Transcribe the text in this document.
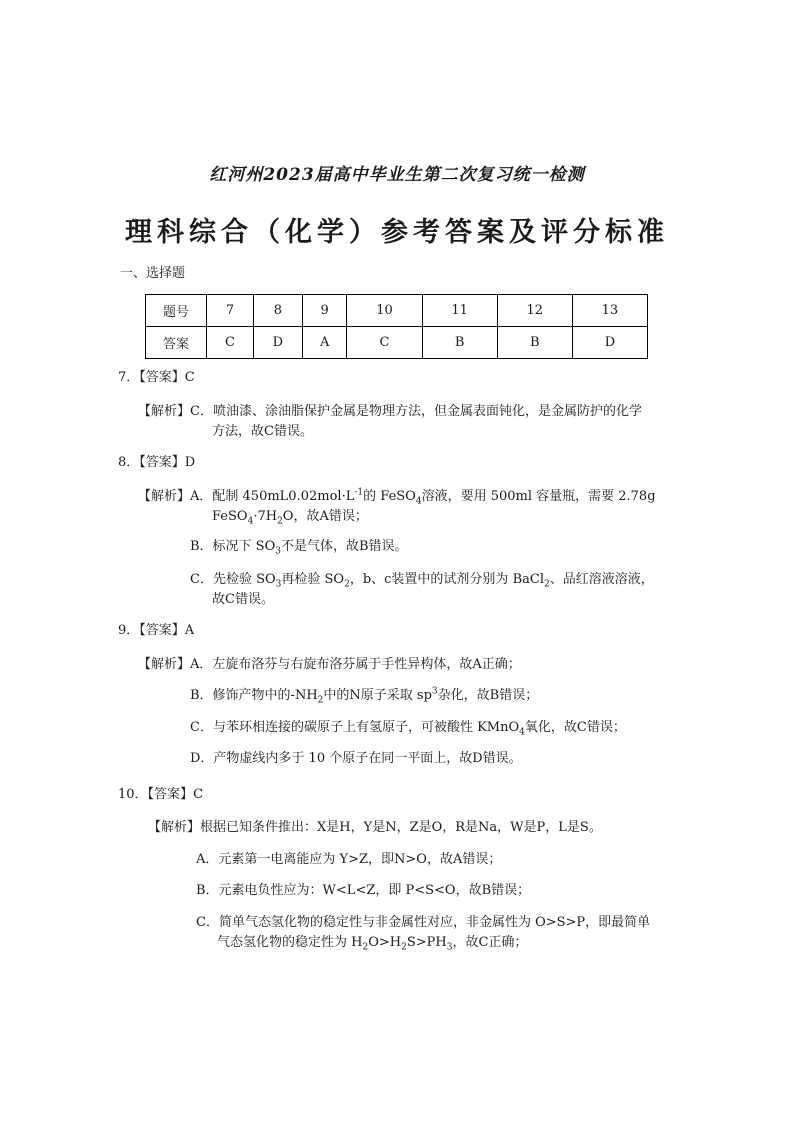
红河州2023届高中毕业生第二次复习统一检测
理科综合（化学）参考答案及评分标准
一、选择题
题号	7	8	9	10	11	12	13
答案	C	D	A	C	B	B	D
7．【答案】C
【解析】C．喷油漆、涂油脂保护金属是物理方法，但金属表面钝化，是金属防护的化学
方法，故C错误。
8．【答案】D
【解析】A．配制 $450mL0.02mol\cdot L^{-1}$的 FeSO$_4$溶液，要用 500ml 容量瓶，需要 2.78g
$FeSO_4\cdot 7H_2O$，故A错误；
B．标况下 $SO_3$不是气体，故B错误。
C．先检验 $SO_3$再检验 $SO_2$，b、c装置中的试剂分别为 BaCl$_2$、品红溶液溶液，
故C错误。
9．【答案】A
【解析】A．左旋布洛芬与右旋布洛芬属于手性异构体，故A正确；
B．修饰产物中的$-NH_2$中的N原子采取 $sp^3$杂化，故B错误；
C．与苯环相连接的碳原子上有氢原子，可被酸性 KMnO$_4$氧化，故C错误；
D．产物虚线内多于 10 个原子在同一平面上，故D错误。
10．【答案】C
【解析】根据已知条件推出：X是H，Y是N，Z是O，R是Na，W是P，L是S。
A．元素第一电离能应为 Y>Z，即N>O，故A错误；
B．元素电负性应为：W<L<Z，即 P<S<O，故B错误；
C．简单气态氢化物的稳定性与非金属性对应，非金属性为 O>S>P，即最简单
气态氢化物的稳定性为 $H_2O>H_2S>PH_3$，故C正确；
